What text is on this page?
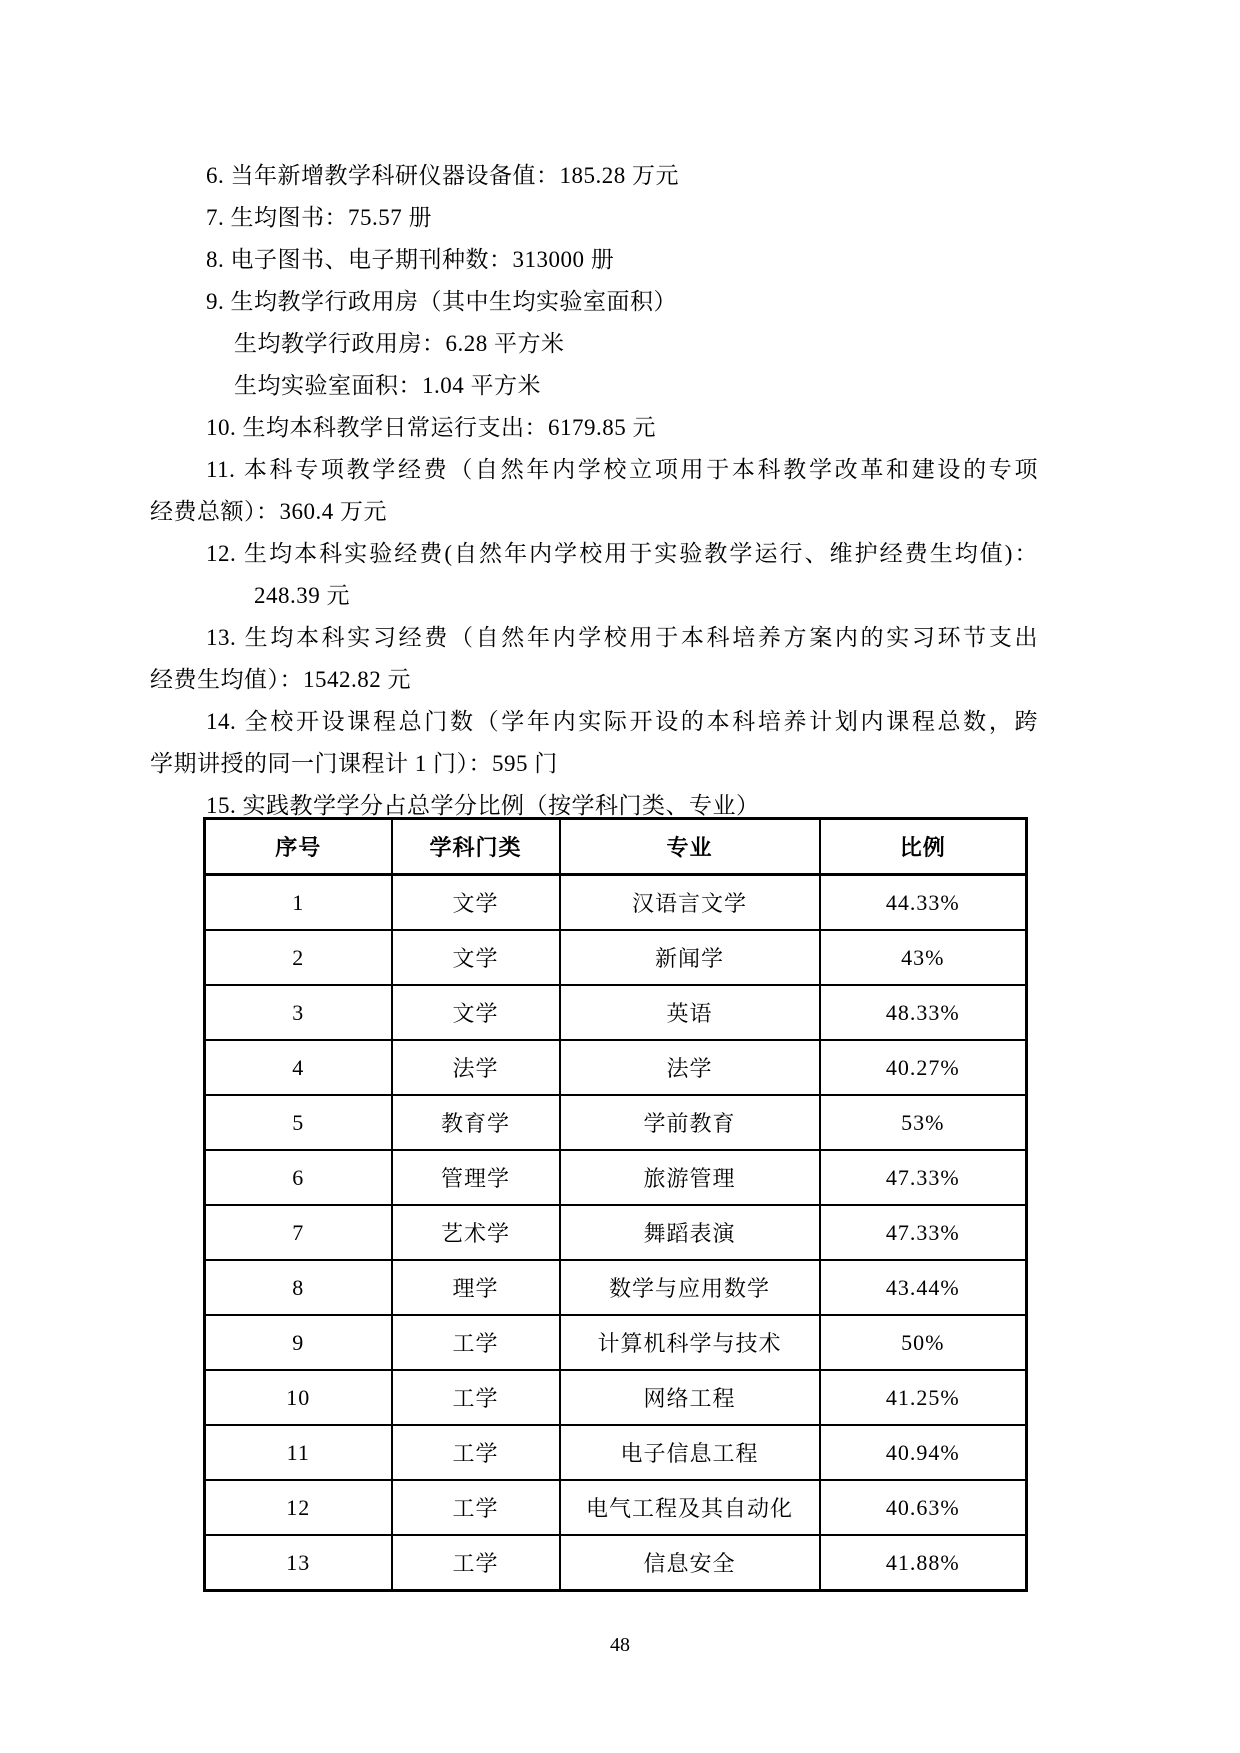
6. 当年新增教学科研仪器设备值：185.28 万元
7. 生均图书：75.57 册
8. 电子图书、电子期刊种数：313000 册
9. 生均教学行政用房（其中生均实验室面积）
生均教学行政用房：6.28 平方米
生均实验室面积：1.04 平方米
10. 生均本科教学日常运行支出：6179.85 元
11. 本科专项教学经费（自然年内学校立项用于本科教学改革和建设的专项
经费总额）：360.4 万元
12. 生均本科实验经费(自然年内学校用于实验教学运行、维护经费生均值)：
248.39 元
13. 生均本科实习经费（自然年内学校用于本科培养方案内的实习环节支出
经费生均值）：1542.82 元
14. 全校开设课程总门数（学年内实际开设的本科培养计划内课程总数，跨
学期讲授的同一门课程计 1 门）：595 门
15. 实践教学学分占总学分比例（按学科门类、专业）
序号	学科门类	专业	比例
1	文学	汉语言文学	44.33%
2	文学	新闻学	43%
3	文学	英语	48.33%
4	法学	法学	40.27%
5	教育学	学前教育	53%
6	管理学	旅游管理	47.33%
7	艺术学	舞蹈表演	47.33%
8	理学	数学与应用数学	43.44%
9	工学	计算机科学与技术	50%
10	工学	网络工程	41.25%
11	工学	电子信息工程	40.94%
12	工学	电气工程及其自动化	40.63%
13	工学	信息安全	41.88%
48
